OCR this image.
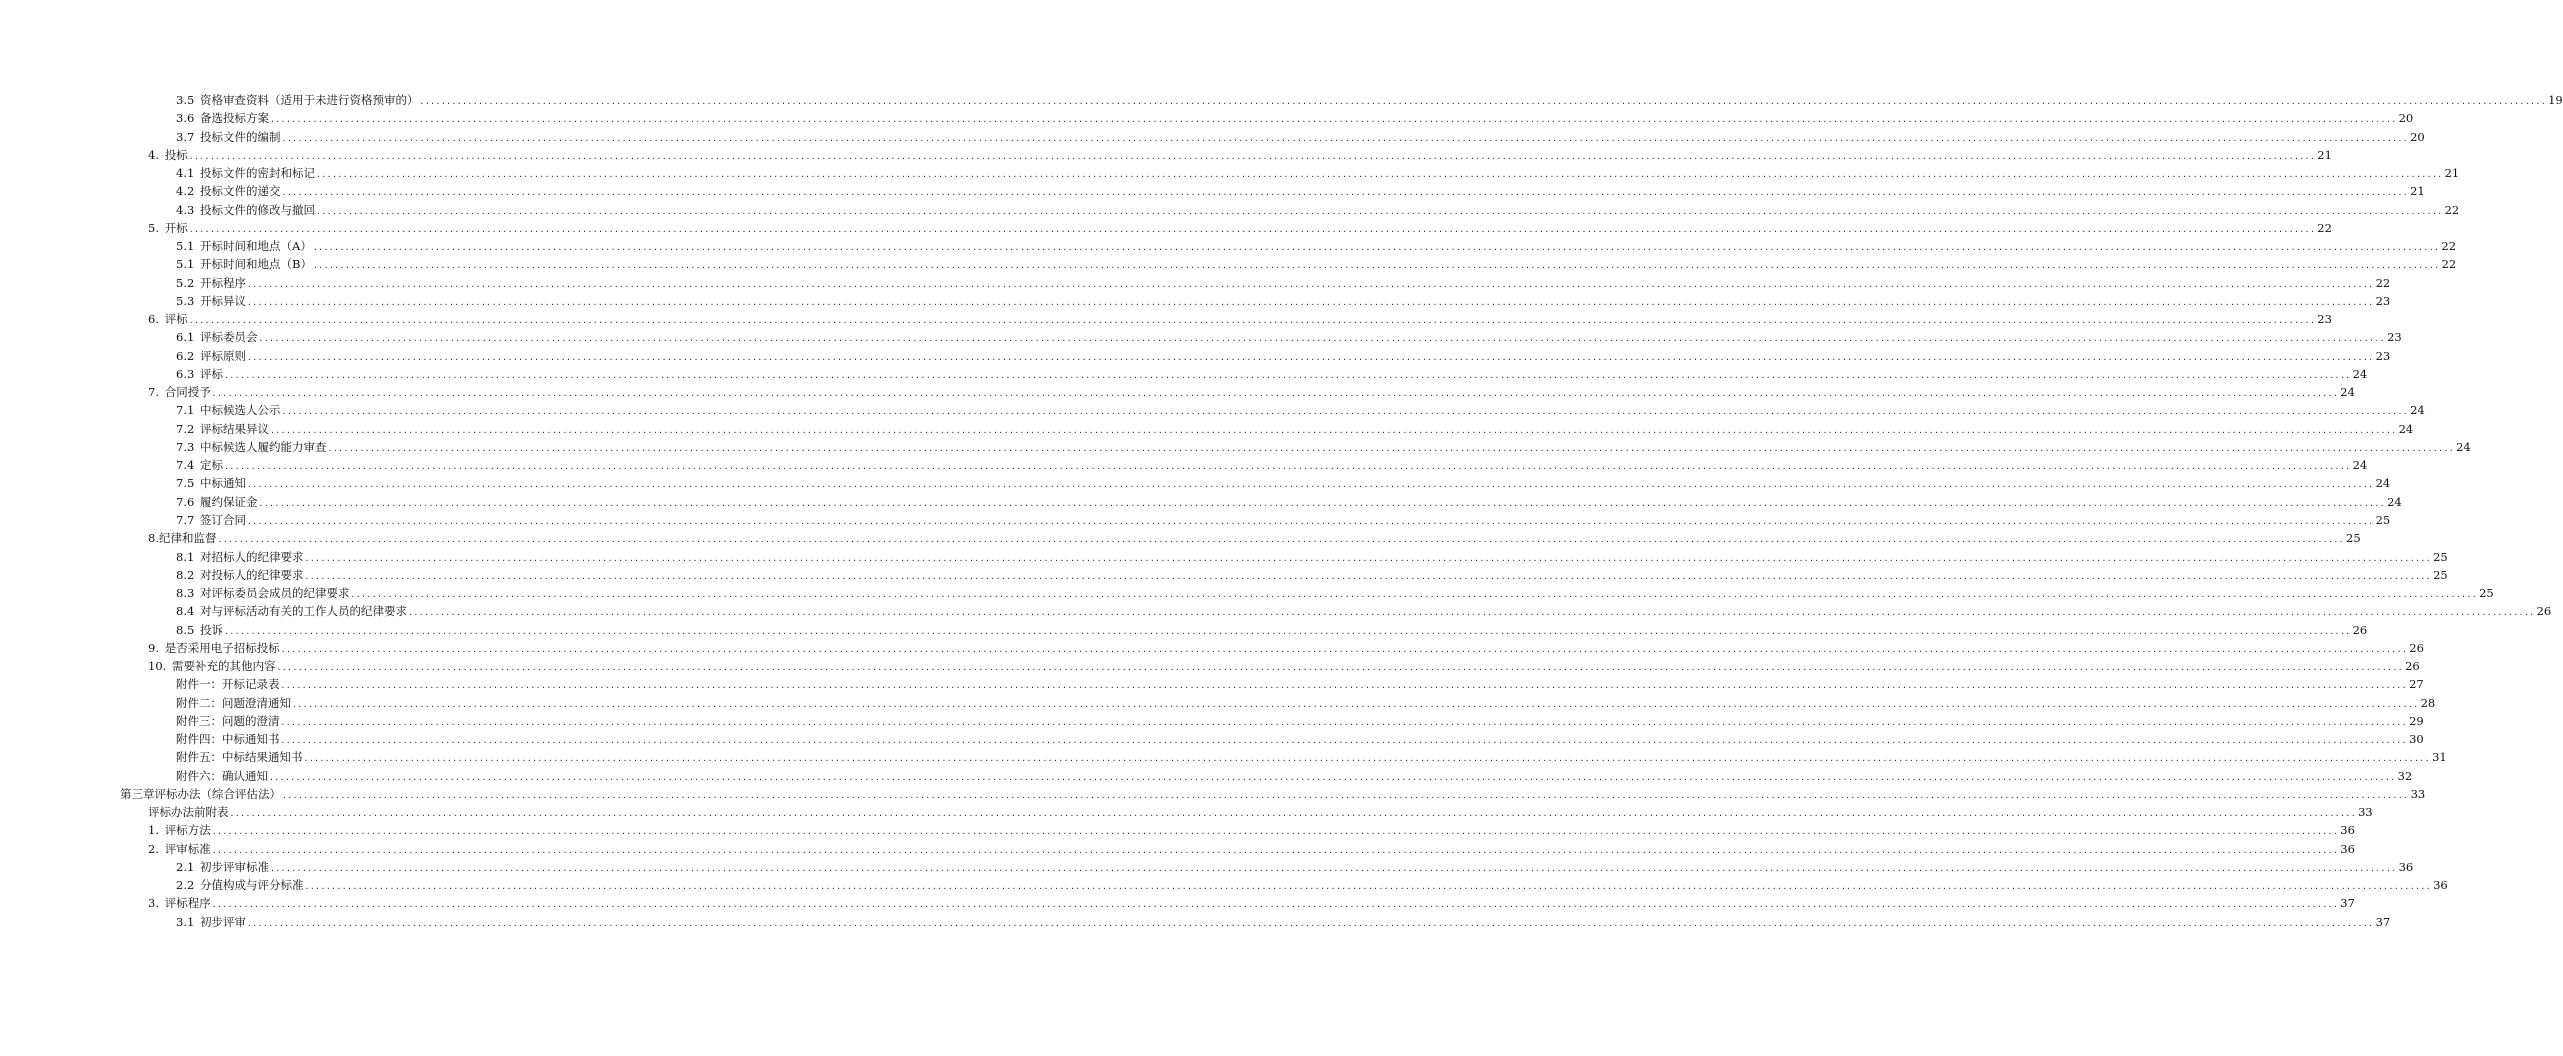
3.5  资格审查资料（适用于未进行资格预审的） ................................................................................................................................................................................................................................................................................................................................................................................................................ 19
3.6  备选投标方案 ................................................................................................................................................................................................................................................................................................................................................................................................................ 20
3.7  投标文件的编制 ................................................................................................................................................................................................................................................................................................................................................................................................................ 20
4.  投标 ................................................................................................................................................................................................................................................................................................................................................................................................................ 21
4.1  投标文件的密封和标记 ................................................................................................................................................................................................................................................................................................................................................................................................................ 21
4.2  投标文件的递交 ................................................................................................................................................................................................................................................................................................................................................................................................................ 21
4.3  投标文件的修改与撤回 ................................................................................................................................................................................................................................................................................................................................................................................................................ 22
5.  开标 ................................................................................................................................................................................................................................................................................................................................................................................................................ 22
5.1  开标时间和地点（A） ................................................................................................................................................................................................................................................................................................................................................................................................................ 22
5.1  开标时间和地点（B） ................................................................................................................................................................................................................................................................................................................................................................................................................ 22
5.2  开标程序 ................................................................................................................................................................................................................................................................................................................................................................................................................ 22
5.3  开标异议 ................................................................................................................................................................................................................................................................................................................................................................................................................ 23
6.  评标 ................................................................................................................................................................................................................................................................................................................................................................................................................ 23
6.1  评标委员会 ................................................................................................................................................................................................................................................................................................................................................................................................................ 23
6.2  评标原则 ................................................................................................................................................................................................................................................................................................................................................................................................................ 23
6.3  评标 ................................................................................................................................................................................................................................................................................................................................................................................................................ 24
7.  合同授予 ................................................................................................................................................................................................................................................................................................................................................................................................................ 24
7.1  中标候选人公示 ................................................................................................................................................................................................................................................................................................................................................................................................................ 24
7.2  评标结果异议 ................................................................................................................................................................................................................................................................................................................................................................................................................ 24
7.3  中标候选人履约能力审查 ................................................................................................................................................................................................................................................................................................................................................................................................................ 24
7.4  定标 ................................................................................................................................................................................................................................................................................................................................................................................................................ 24
7.5  中标通知 ................................................................................................................................................................................................................................................................................................................................................................................................................ 24
7.6  履约保证金 ................................................................................................................................................................................................................................................................................................................................................................................................................ 24
7.7  签订合同 ................................................................................................................................................................................................................................................................................................................................................................................................................ 25
8.纪律和监督 ................................................................................................................................................................................................................................................................................................................................................................................................................ 25
8.1  对招标人的纪律要求 ................................................................................................................................................................................................................................................................................................................................................................................................................ 25
8.2  对投标人的纪律要求 ................................................................................................................................................................................................................................................................................................................................................................................................................ 25
8.3  对评标委员会成员的纪律要求 ................................................................................................................................................................................................................................................................................................................................................................................................................ 25
8.4  对与评标活动有关的工作人员的纪律要求 ................................................................................................................................................................................................................................................................................................................................................................................................................ 26
8.5  投诉 ................................................................................................................................................................................................................................................................................................................................................................................................................ 26
9.  是否采用电子招标投标 ................................................................................................................................................................................................................................................................................................................................................................................................................ 26
10.  需要补充的其他内容 ................................................................................................................................................................................................................................................................................................................................................................................................................ 26
附件一：开标记录表 ................................................................................................................................................................................................................................................................................................................................................................................................................ 27
附件二：问题澄清通知 ................................................................................................................................................................................................................................................................................................................................................................................................................ 28
附件三：问题的澄清 ................................................................................................................................................................................................................................................................................................................................................................................................................ 29
附件四：中标通知书 ................................................................................................................................................................................................................................................................................................................................................................................................................ 30
附件五：中标结果通知书 ................................................................................................................................................................................................................................................................................................................................................................................................................ 31
附件六：确认通知 ................................................................................................................................................................................................................................................................................................................................................................................................................ 32
第三章评标办法（综合评估法） ................................................................................................................................................................................................................................................................................................................................................................................................................ 33
评标办法前附表 ................................................................................................................................................................................................................................................................................................................................................................................................................ 33
1.  评标方法 ................................................................................................................................................................................................................................................................................................................................................................................................................ 36
2.  评审标准 ................................................................................................................................................................................................................................................................................................................................................................................................................ 36
2.1  初步评审标准 ................................................................................................................................................................................................................................................................................................................................................................................................................ 36
2.2  分值构成与评分标准 ................................................................................................................................................................................................................................................................................................................................................................................................................ 36
3.  评标程序 ................................................................................................................................................................................................................................................................................................................................................................................................................ 37
3.1  初步评审 ................................................................................................................................................................................................................................................................................................................................................................................................................ 37
